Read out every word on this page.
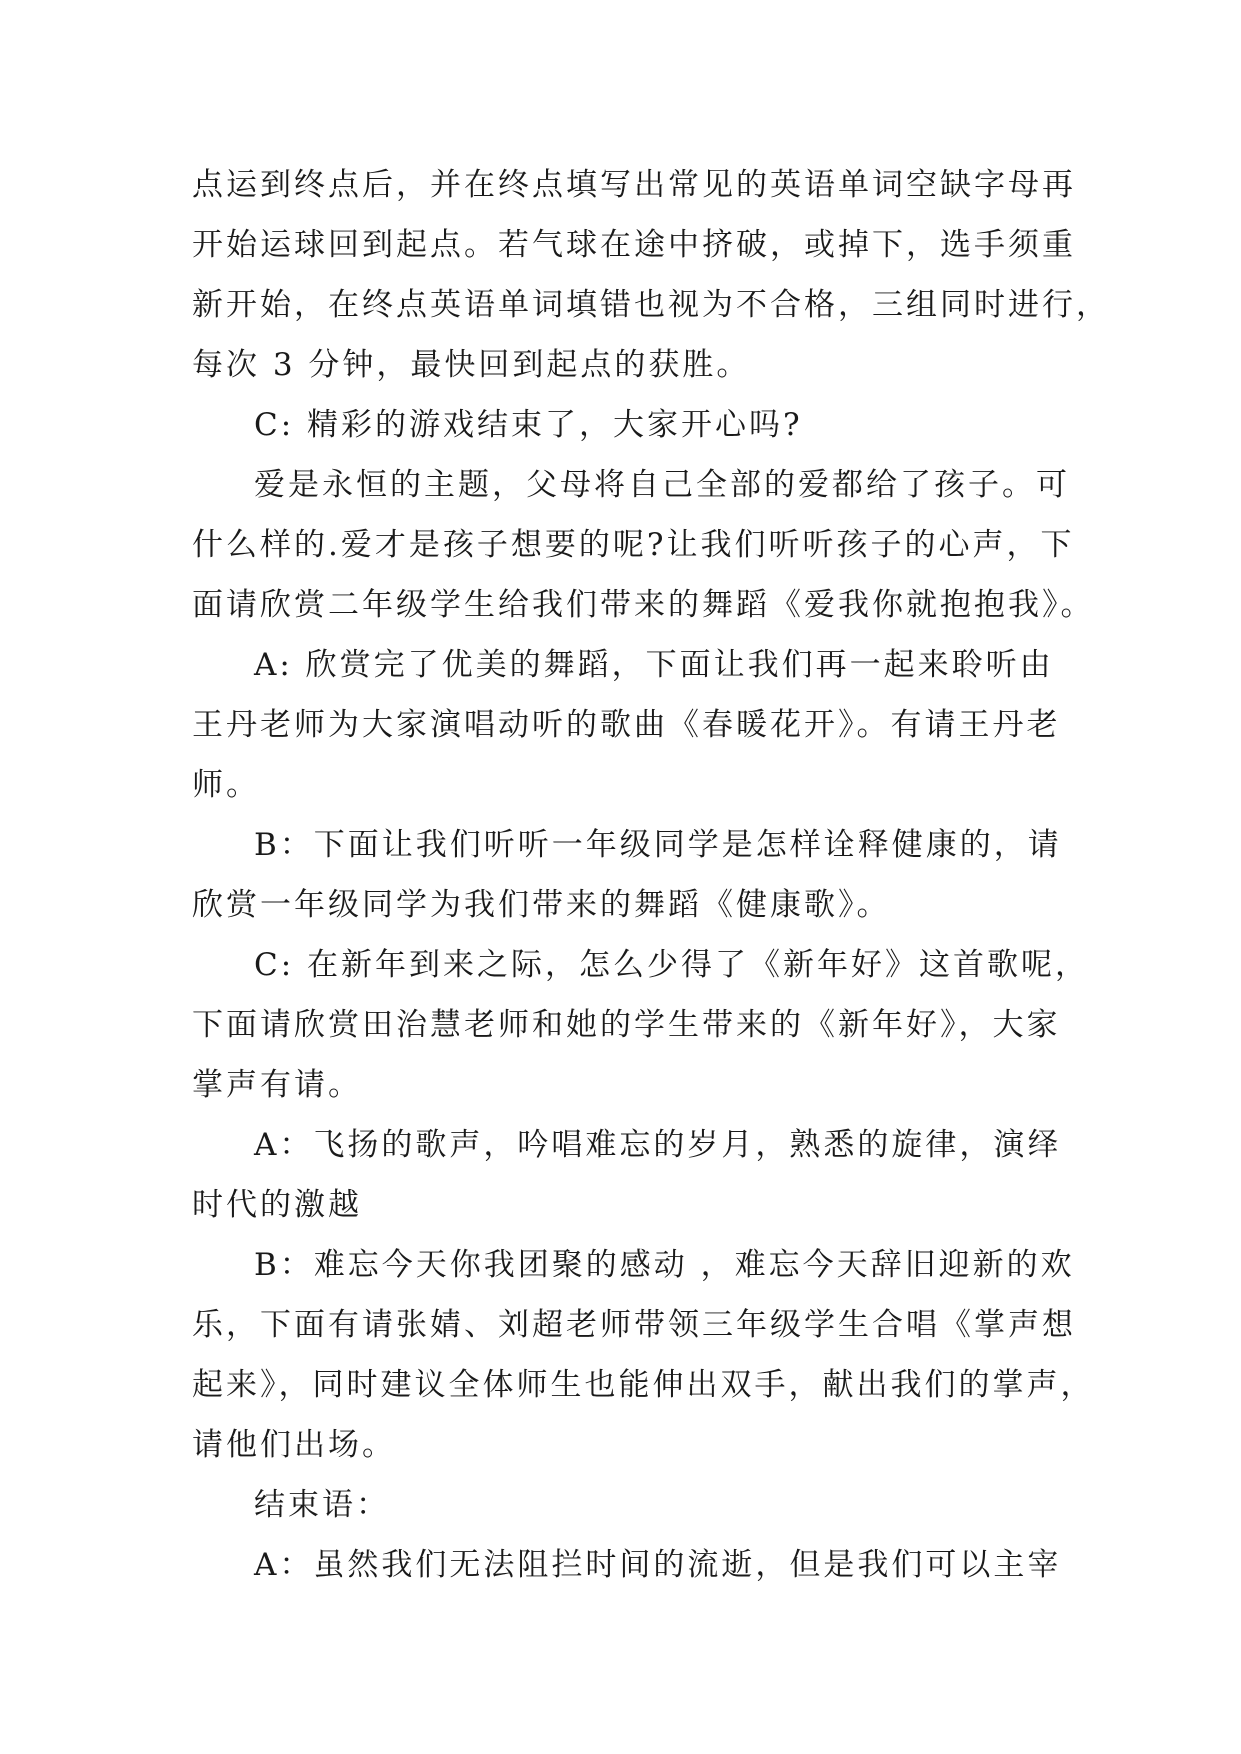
点运到终点后，并在终点填写出常见的英语单词空缺字母再
开始运球回到起点。若气球在途中挤破，或掉下，选手须重
新开始，在终点英语单词填错也视为不合格，三组同时进行，
每次 3 分钟，最快回到起点的获胜。
C: 精彩的游戏结束了，大家开心吗?
爱是永恒的主题，父母将自己全部的爱都给了孩子。可
什么样的.爱才是孩子想要的呢?让我们听听孩子的心声，下
面请欣赏二年级学生给我们带来的舞蹈《爱我你就抱抱我》。
A: 欣赏完了优美的舞蹈，下面让我们再一起来聆听由
王丹老师为大家演唱动听的歌曲《春暖花开》。有请王丹老
师。
B：下面让我们听听一年级同学是怎样诠释健康的，请
欣赏一年级同学为我们带来的舞蹈《健康歌》。
C: 在新年到来之际，怎么少得了《新年好》这首歌呢，
下面请欣赏田治慧老师和她的学生带来的《新年好》，大家
掌声有请。
A：飞扬的歌声，吟唱难忘的岁月，熟悉的旋律，演绎
时代的激越
B：难忘今天你我团聚的感动 ，难忘今天辞旧迎新的欢
乐，下面有请张婧、刘超老师带领三年级学生合唱《掌声想
起来》，同时建议全体师生也能伸出双手，献出我们的掌声，
请他们出场。
结束语：
A：虽然我们无法阻拦时间的流逝，但是我们可以主宰
